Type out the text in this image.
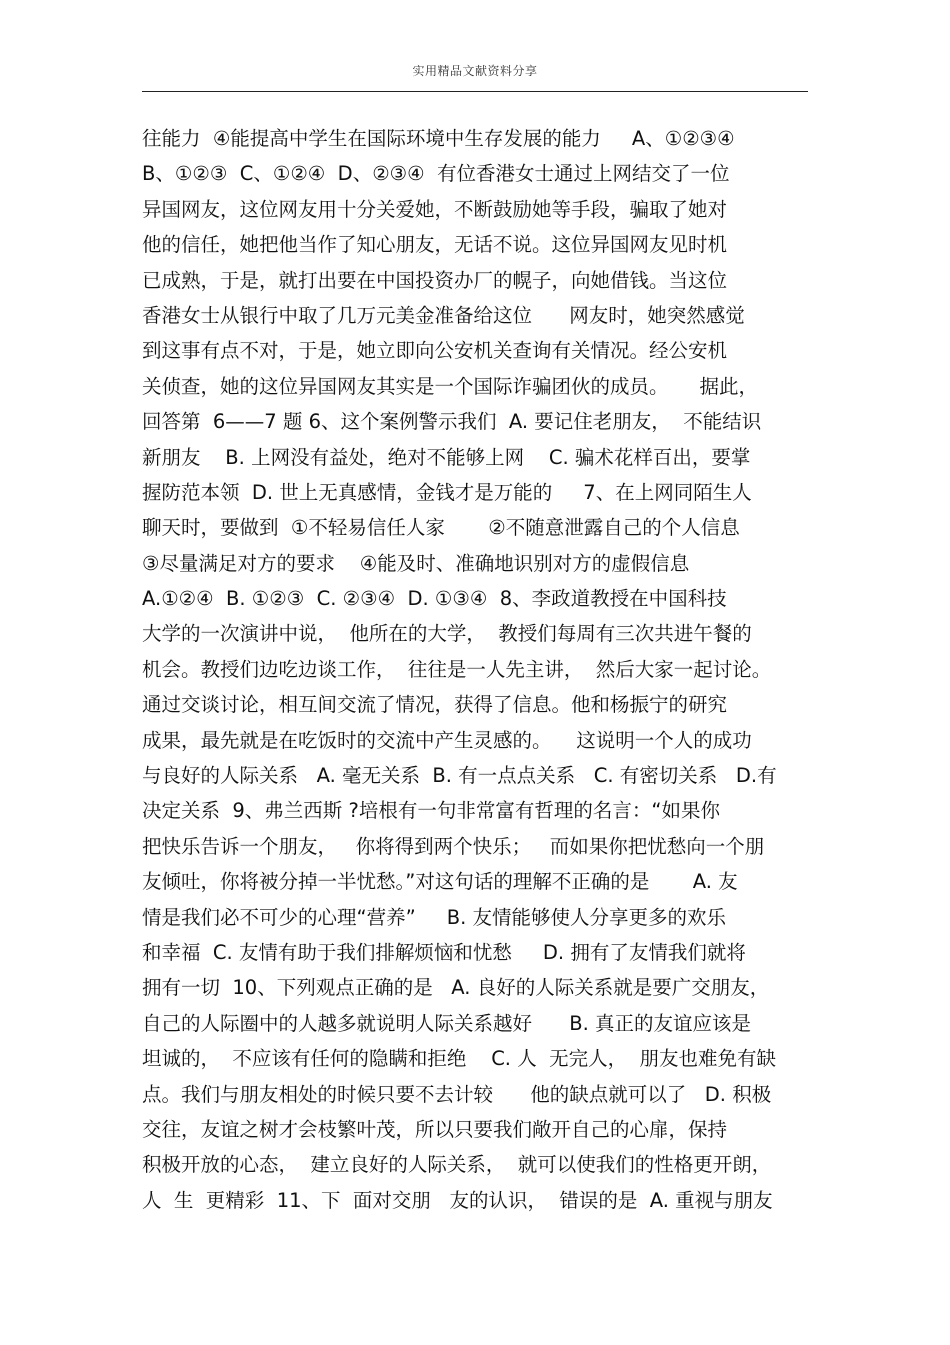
实用精品文献资料分享
往能力  ④能提高中学生在国际环境中生存发展的能力     A、①②③④
B、①②③  C、①②④  D、②③④  有位香港女士通过上网结交了一位
异国网友，这位网友用十分关爱她，不断鼓励她等手段，骗取了她对
他的信任，她把他当作了知心朋友，无话不说。这位异国网友见时机
已成熟，于是，就打出要在中国投资办厂的幌子，向她借钱。当这位
香港女士从银行中取了几万元美金准备给这位      网友时，她突然感觉
到这事有点不对，于是，她立即向公安机关查询有关情况。经公安机
关侦查，她的这位异国网友其实是一个国际诈骗团伙的成员。     据此，
回答第  6——7 题 6、这个案例警示我们  A. 要记住老朋友，  不能结识
新朋友    B. 上网没有益处，绝对不能够上网    C. 骗术花样百出，要掌
握防范本领  D. 世上无真感情，金钱才是万能的     7、在上网同陌生人
聊天时，要做到  ①不轻易信任人家       ②不随意泄露自己的个人信息
③尽量满足对方的要求    ④能及时、准确地识别对方的虚假信息
A.①②④  B. ①②③  C. ②③④  D. ①③④  8、李政道教授在中国科技
大学的一次演讲中说，  他所在的大学，  教授们每周有三次共进午餐的
机会。教授们边吃边谈工作，  往往是一人先主讲，  然后大家一起讨论。
通过交谈讨论，相互间交流了情况，获得了信息。他和杨振宁的研究
成果，最先就是在吃饭时的交流中产生灵感的。    这说明一个人的成功
与良好的人际关系   A. 毫无关系  B. 有一点点关系   C. 有密切关系   D.有
决定关系  9、弗兰西斯 ?培根有一句非常富有哲理的名言：“如果你
把快乐告诉一个朋友，   你将得到两个快乐；   而如果你把忧愁向一个朋
友倾吐，你将被分掉一半忧愁。”对这句话的理解不正确的是       A. 友
情是我们必不可少的心理“营养”     B. 友情能够使人分享更多的欢乐
和幸福  C. 友情有助于我们排解烦恼和忧愁     D. 拥有了友情我们就将
拥有一切  10、下列观点正确的是   A. 良好的人际关系就是要广交朋友，
自己的人际圈中的人越多就说明人际关系越好      B. 真正的友谊应该是
坦诚的，  不应该有任何的隐瞒和拒绝    C. 人  无完人，  朋友也难免有缺
点。我们与朋友相处的时候只要不去计较      他的缺点就可以了   D. 积极
交往，友谊之树才会枝繁叶茂，所以只要我们敞开自己的心扉，保持
积极开放的心态，  建立良好的人际关系，  就可以使我们的性格更开朗，
人  生  更精彩  11、下  面对交朋   友的认识，  错误的是  A. 重视与朋友
